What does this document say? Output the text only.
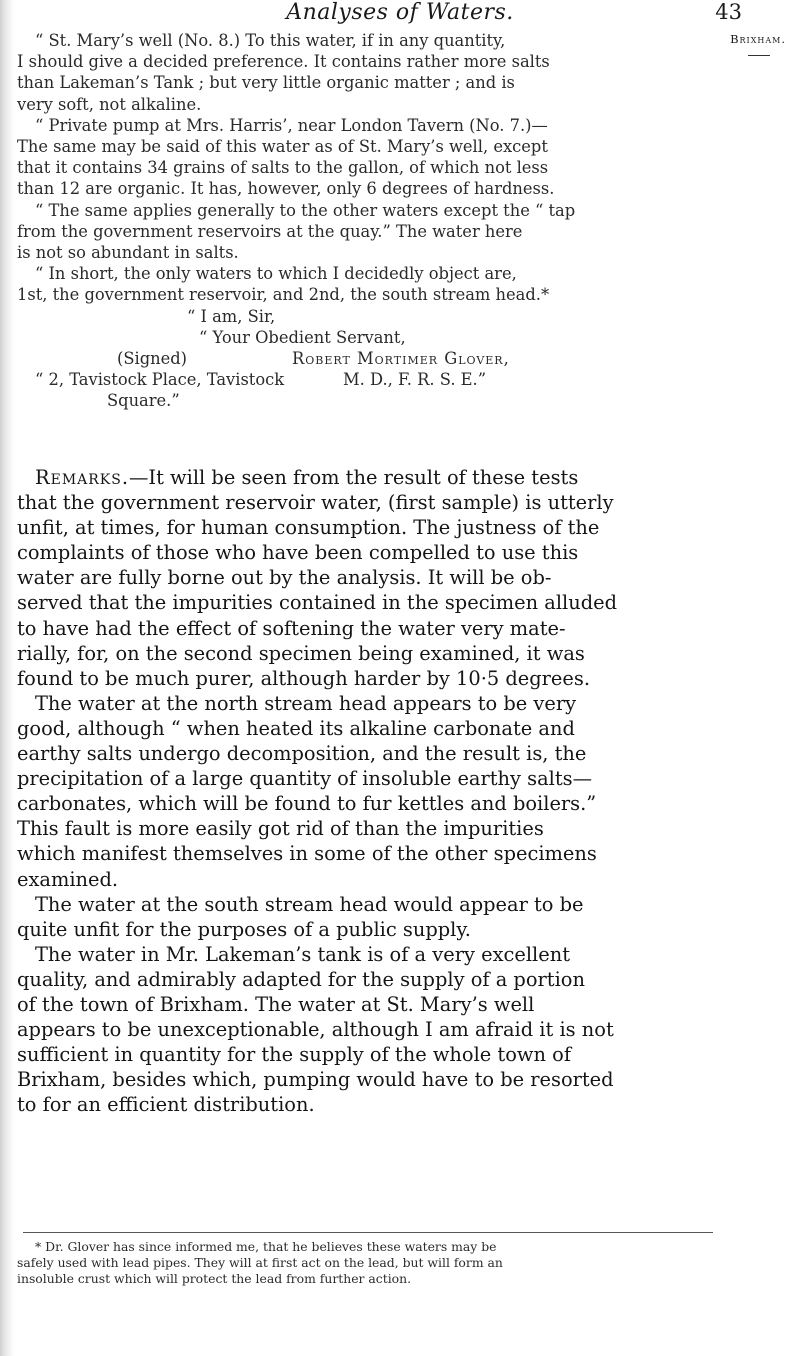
Analyses of Waters.	43
Brixham.
“ St. Mary’s well (No. 8.) To this water, if in any quantity,
I should give a decided preference. It contains rather more salts
than Lakeman’s Tank ; but very little organic matter ; and is
very soft, not alkaline.
“ Private pump at Mrs. Harris’, near London Tavern (No. 7.)—
The same may be said of this water as of St. Mary’s well, except
that it contains 34 grains of salts to the gallon, of which not less
than 12 are organic. It has, however, only 6 degrees of hardness.
“ The same applies generally to the other waters except the “ tap
from the government reservoirs at the quay.” The water here
is not so abundant in salts.
“ In short, the only waters to which I decidedly object are,
1st, the government reservoir, and 2nd, the south stream head.*
“ I am, Sir,
“ Your Obedient Servant,
(Signed)	Robert Mortimer Glover,
“ 2, Tavistock Place, Tavistock	M. D., F. R. S. E.”
Square.”
Remarks.—It will be seen from the result of these tests
that the government reservoir water, (first sample) is utterly
unfit, at times, for human consumption. The justness of the
complaints of those who have been compelled to use this
water are fully borne out by the analysis. It will be ob-
served that the impurities contained in the specimen alluded
to have had the effect of softening the water very mate-
rially, for, on the second specimen being examined, it was
found to be much purer, although harder by 10·5 degrees.
The water at the north stream head appears to be very
good, although “ when heated its alkaline carbonate and
earthy salts undergo decomposition, and the result is, the
precipitation of a large quantity of insoluble earthy salts—
carbonates, which will be found to fur kettles and boilers.”
This fault is more easily got rid of than the impurities
which manifest themselves in some of the other specimens
examined.
The water at the south stream head would appear to be
quite unfit for the purposes of a public supply.
The water in Mr. Lakeman’s tank is of a very excellent
quality, and admirably adapted for the supply of a portion
of the town of Brixham. The water at St. Mary’s well
appears to be unexceptionable, although I am afraid it is not
sufficient in quantity for the supply of the whole town of
Brixham, besides which, pumping would have to be resorted
to for an efficient distribution.
* Dr. Glover has since informed me, that he believes these waters may be
safely used with lead pipes. They will at first act on the lead, but will form an
insoluble crust which will protect the lead from further action.
